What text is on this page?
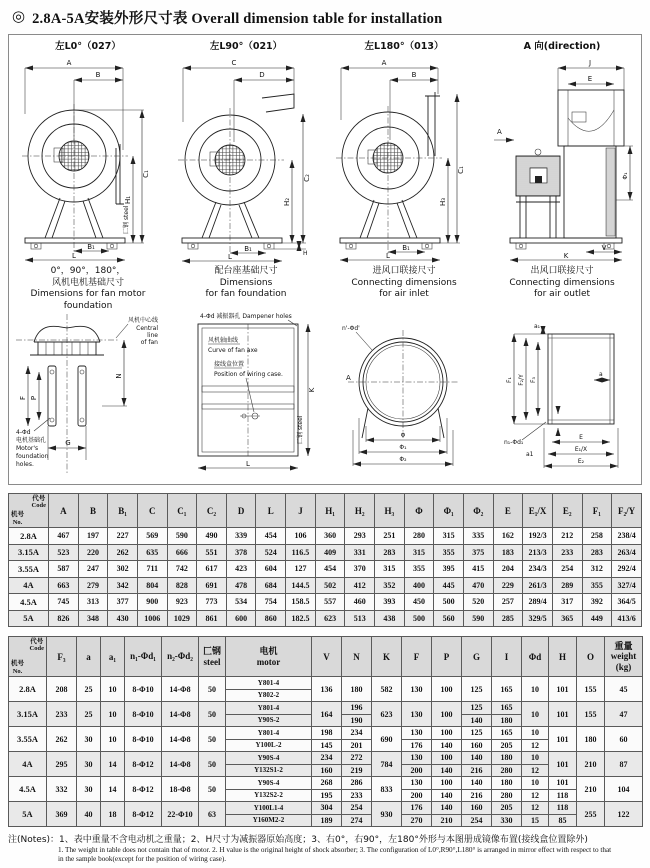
◎ 2.8A-5A安装外形尺寸表 Overall dimension table for installation
左L0°（027）	左L90°（021）	左L180°（013）	A 向(direction)
A
B
C₁
H₁
匚钢 steel
B₁
L
C
D
C₂
H₂
H
B₁
L
A
B
C₁
H₃
B₁
L
J
E
A
Φ₁
V
K
0°，90°，180°，
风机电机基础尺寸
Dimensions for fan motor foundation
配台座基础尺寸
Dimensions
for fan foundation
进风口联接尺寸
Connecting dimensions
for air inlet
出风口联接尺寸
Connecting dimensions
for air outlet
N
F P
G
风机中心线
Central
line
of fan
4-Φd
电机基础孔
Motor's
foundation
holes.
4-Φd 减振器孔 Dampener holes
风机轴曲线
Curve of fan axe
接线盒位置
Position of wiring case.
K
匚钢 steel
L
n'-Φd'
A
Φ
Φ₁
Φ₂
a₁
F₁ F₂/Y F₃
a
n₁-Φd₁
a1
E
E₁/X
E₂
代号
Code
机号
No.	A	B	B₁	C	C₁	C₂	D	L	J	H₁	H₂	H₃	Φ	Φ₁	Φ₂	E	E₁/X	E₂	F₁	F₂/Y
2.8A	467	197	227	569	590	490	339	454	106	360	293	251	280	315	335	162	192/3	212	258	238/4
3.15A	523	220	262	635	666	551	378	524	116.5	409	331	283	315	355	375	183	213/3	233	283	263/4
3.55A	587	247	302	711	742	617	423	604	127	454	370	315	355	395	415	204	234/3	254	312	292/4
4A	663	279	342	804	828	691	478	684	144.5	502	412	352	400	445	470	229	261/3	289	355	327/4
4.5A	745	313	377	900	923	773	534	754	158.5	557	460	393	450	500	520	257	289/4	317	392	364/5
5A	826	348	430	1006	1029	861	600	860	182.5	623	513	438	500	560	590	285	329/5	365	449	413/6
代号
Code
机号
No.	F₃	a	a₁	n₁-Φd₁	n₂-Φd₂	匚钢
steel	电机
motor	V	N	K	F	P	G	I	Φd	H	O	重量
weight
(kg)
2.8A	208	25	10	8-Φ10	14-Φ8	50	Y801-4	136	180	582	130	100	125	165	10	101	155	45
							Y802-2											
3.15A	233	25	10	8-Φ10	14-Φ8	50	Y801-4	164	196	623	130	100	125	165	10	101	155	47
							Y90S-2		190				140	180				
3.55A	262	30	10	8-Φ10	14-Φ8	50	Y801-4	198	234	690	130	100	125	165	10	101	180	60
							Y100L-2	145	201		176	140	160	205	12			
4A	295	30	14	8-Φ12	14-Φ8	50	Y90S-4	234	272	784	130	100	140	180	10	101	210	87
							Y132S1-2	160	219		200	140	216	280	12			
4.5A	332	30	14	8-Φ12	18-Φ8	50	Y90S-4	268	286	833	130	100	140	180	10	101	210	104
							Y132S2-2	195	233		200	140	216	280	12	118		
5A	369	40	18	8-Φ12	22-Φ10	63	Y100L1-4	304	254	930	176	140	160	205	12	118	255	122
							Y160M2-2	189	274		270	210	254	330	15	85		
注(Notes)：1、表中重量不含电动机之重量；2、H尺寸为减振器原始高度；3、右0°，右90°，左180°外形与本图册成镜像布置(接线盒位置除外)
1. The weight in table does not contain that of motor. 2. H value is the original height of shock absorber; 3. The configuration of L0°,R90°,L180° is arranged in mirror effect with respect to that in the sample book(except for the position of wiring case).
